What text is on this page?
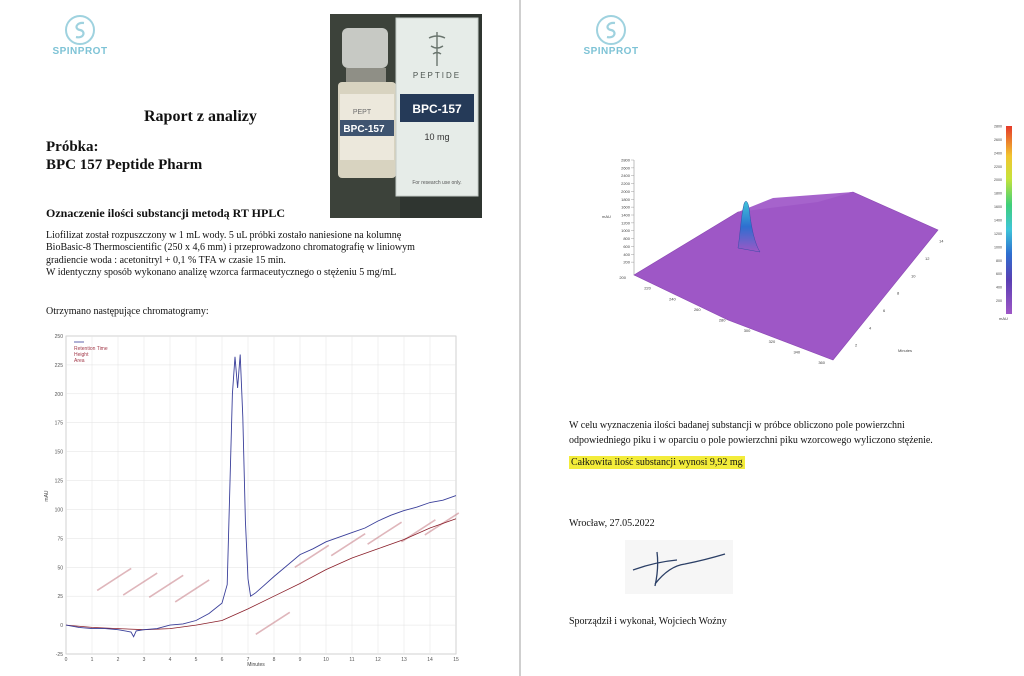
SPINPROT
Raport z analizy
Próbka:
BPC 157 Peptide Pharm
PEPT
BPC-157
PEPTIDE
BPC-157
10 mg
For research use only.
Oznaczenie ilości substancji metodą RT HPLC
Liofilizat został rozpuszczony w 1 mL wody. 5 uL próbki zostało naniesione na kolumnę
BioBasic-8 Thermoscientific (250 x 4,6 mm) i przeprowadzono chromatografię w liniowym
gradiencie woda : acetonitryl + 0,1 % TFA w czasie 15 min.
W identyczny sposób wykonano analizę wzorca farmaceutycznego o stężeniu 5 mg/mL
Otrzymano następujące chromatogramy:
0	1	2	3	4	5	6	7	8	9	10	11	12	13	14	15
-25
0
25
50
75
100
125
150
175
200
225
250
Retention Time
Height
Area
Minutes
mAU
SPINPROT
200
400
600
800
1000
1200
1400
1600
1800
2000
2200
2400
2600
2800
2
4
6
8
10
12
14
200
220
240
260
280
300
320
340
360
200
400
600
800
1000
1200
1400
1600
1800
2000
2200
2400
2600
2800
mAU
mAU
Minutes
W celu wyznaczenia ilości badanej substancji w próbce obliczono pole powierzchni
odpowiedniego piku i w oparciu o pole powierzchni piku wzorcowego wyliczono stężenie.
Całkowita ilość substancji wynosi 9,92 mg
Wrocław, 27.05.2022
Sporządził i wykonał, Wojciech Woźny
